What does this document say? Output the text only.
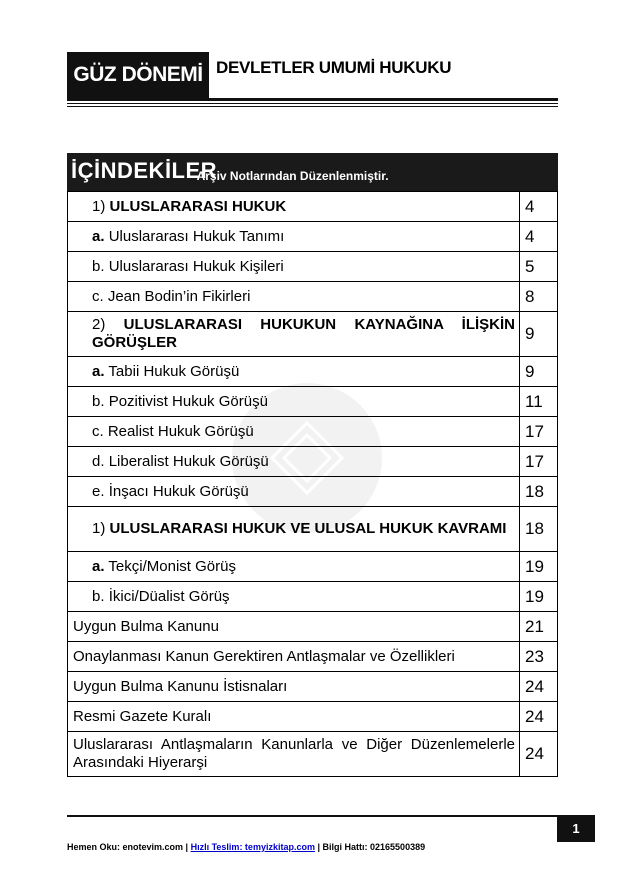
GÜZ DÖNEMİ DEVLETLER UMUMİ HUKUKU
İÇİNDEKİLER
– Arşiv Notlarından Düzenlenmiştir.
1) ULUSLARARASI HUKUK	4
a. Uluslararası Hukuk Tanımı	4
b. Uluslararası Hukuk Kişileri	5
c. Jean Bodin’in Fikirleri	8
2) ULUSLARARASI HUKUKUN KAYNAĞINA İLİŞKİN GÖRÜŞLER	9
a. Tabii Hukuk Görüşü	9
b. Pozitivist Hukuk Görüşü	11
c. Realist Hukuk Görüşü	17
d. Liberalist Hukuk Görüşü	17
e. İnşacı Hukuk Görüşü	18
1) ULUSLARARASI HUKUK VE ULUSAL HUKUK KAVRAMI	18
a. Tekçi/Monist Görüş	19
b. İkici/Düalist Görüş	19
Uygun Bulma Kanunu	21
Onaylanması Kanun Gerektiren Antlaşmalar ve Özellikleri	23
Uygun Bulma Kanunu İstisnaları	24
Resmi Gazete Kuralı	24
Uluslararası Antlaşmaların Kanunlarla ve Diğer Düzenlemelerle Arasındaki Hiyerarşi	24
1
Hemen Oku: enotevim.com | Hızlı Teslim: temyizkitap.com | Bilgi Hattı: 02165500389
